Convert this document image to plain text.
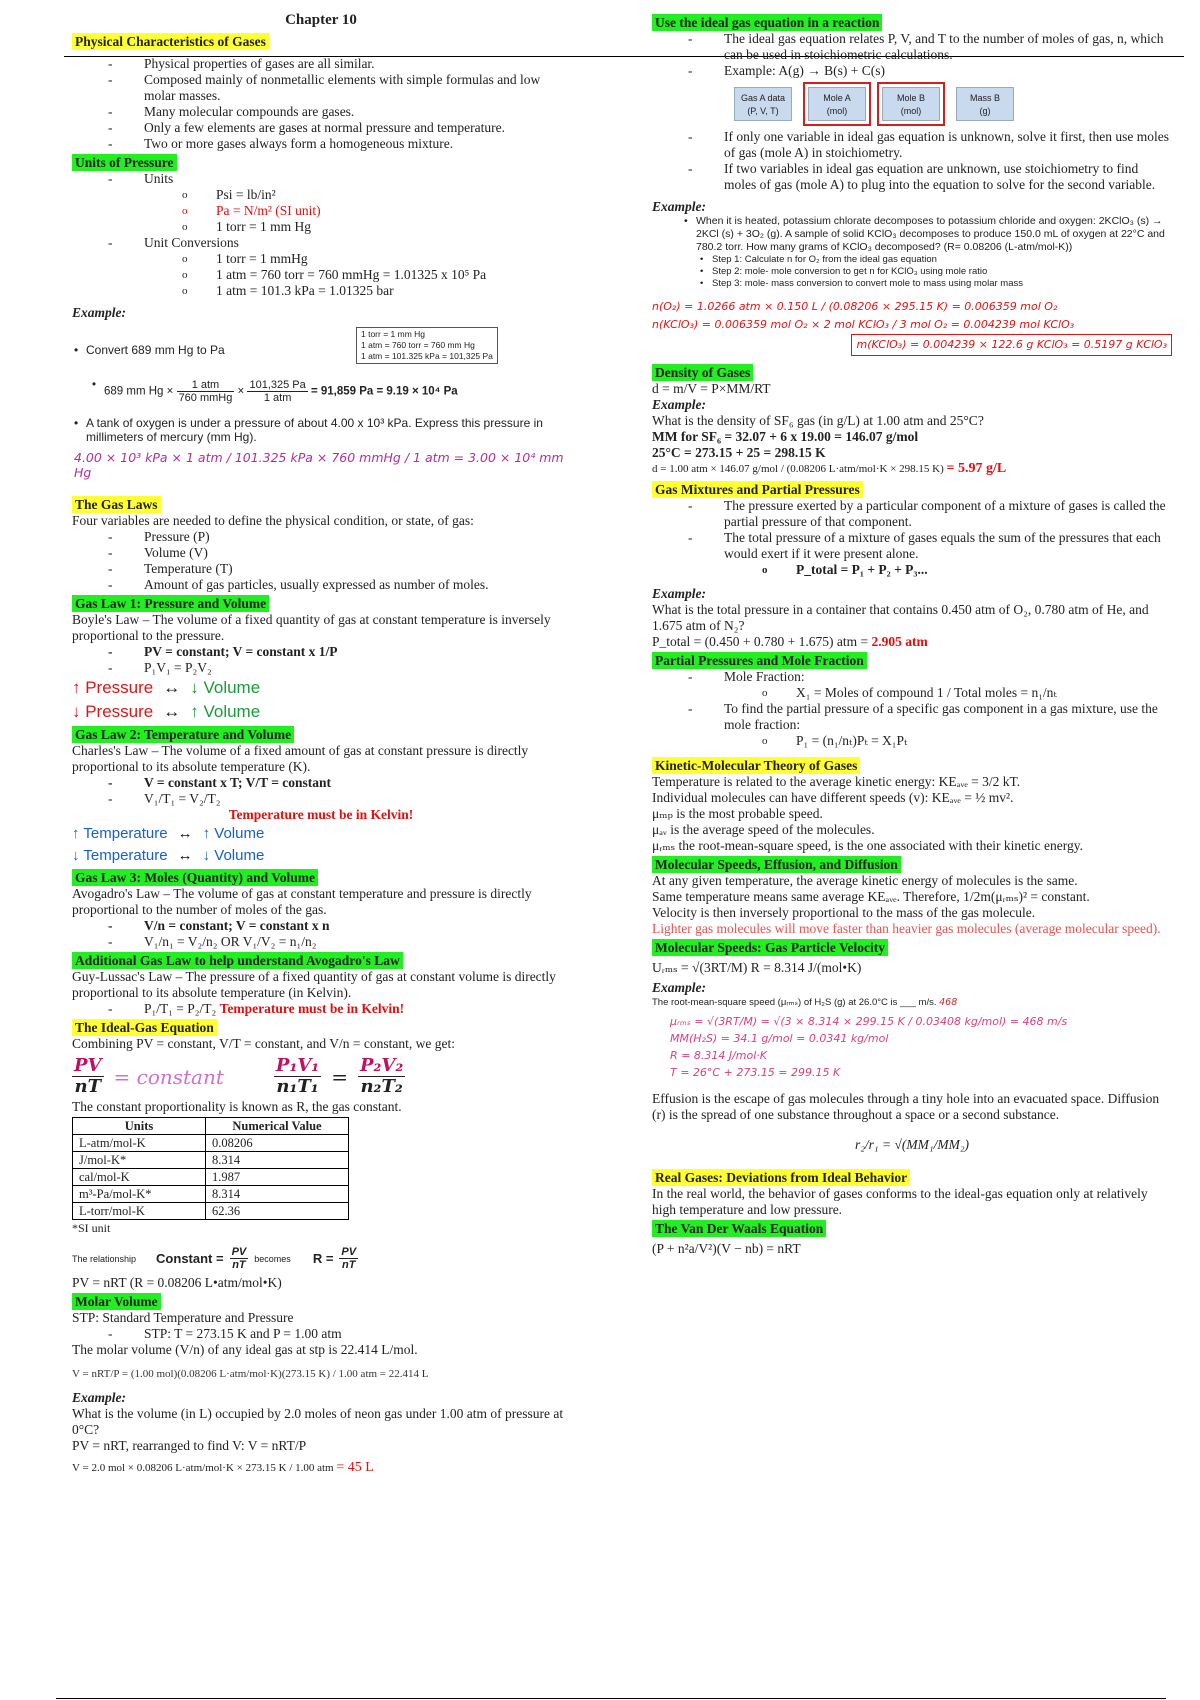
Chapter 10
Physical Characteristics of Gases
- Physical properties of gases are all similar.
- Composed mainly of nonmetallic elements with simple formulas and low molar masses.
- Many molecular compounds are gases.
- Only a few elements are gases at normal pressure and temperature.
- Two or more gases always form a homogeneous mixture.
Units of Pressure
- Units
o Psi = lb/in²
o Pa = N/m² (SI unit)
o 1 torr = 1 mm Hg
- Unit Conversions
o 1 torr = 1 mmHg
o 1 atm = 760 torr = 760 mmHg = 1.01325 x 10⁵ Pa
o 1 atm = 101.3 kPa = 1.01325 bar

Example:

• Convert 689 mm Hg to Pa
1 torr = 1 mm Hg
1 atm = 760 torr = 760 mm Hg
1 atm = 101.325 kPa = 101,325 Pa
• 689 mm $Hg \times \frac{\text{1 atm}}{\text{760 mmHg}} \times \frac{101,325 Pa}{\text{1 atm}} = 91,859$ Pa = 9.19 × 10⁴ Pa
• A tank of oxygen is under a pressure of about 4.00 x 10³ kPa. Express this pressure in millimeters of mercury (mm Hg).
4.00 × 10³ kPa × 1 atm / 101.325 kPa × 760 mmHg / 1 atm = 3.00 × 10⁴ mm Hg
The Gas Laws

Four variables are needed to define the physical condition, or state, of gas:

- Pressure (P)
- Volume (V)
- Temperature (T)
- Amount of gas particles, usually expressed as number of moles.
Gas Law 1: Pressure and Volume

Boyle's Law – The volume of a fixed quantity of gas at constant temperature is inversely proportional to the pressure.

- PV = constant; V = constant x 1/P
- P₁V₁ = P₂V₂
↑ Pressure ↔ ↓ Volume
↓ Pressure ↔ ↑ Volume
Gas Law 2: Temperature and Volume

Charles's Law – The volume of a fixed amount of gas at constant pressure is directly proportional to its absolute temperature (K).

- V = constant x T; V/T = constant
- V₁/T₁ = V₂/T₂

Temperature must be in Kelvin!

↑ Temperature ↔ ↑ Volume
↓ Temperature ↔ ↓ Volume
Gas Law 3: Moles (Quantity) and Volume

Avogadro's Law – The volume of gas at constant temperature and pressure is directly proportional to the number of moles of the gas.

- V/n = constant; V = constant x n
- V₁/n₁ = V₂/n₂ OR V₁/V₂ = n₁/n₂
Additional Gas Law to help understand Avogadro's Law

Guy-Lussac's Law – The pressure of a fixed quantity of gas at constant volume is directly proportional to its absolute temperature (in Kelvin).

- P₁/T₁ = P₂/T₂ Temperature must be in Kelvin!
The Ideal-Gas Equation

Combining PV = constant, V/T = constant, and V/n = constant, we get:

$\frac{PV}{nT}$ = constant	$\frac{\text{P₁V₁}}{\text{n₁T₁}} = \frac{\text{P₂V₂}}{\text{n₂T₂}}$

The constant proportionality is known as R, the gas constant.

Units	Numerical Value
L-atm/mol-K	0.08206
J/mol-K*	8.314
cal/mol-K	1.987
m³-Pa/mol-K*	8.314
L-torr/mol-K	62.36

*SI unit

The relationship Constant = $\frac{PV}{nT}$ becomes $R = \frac{PV}{nT}$

PV = nRT (R = 0.08206 L•atm/mol•K)

Molar Volume

STP: Standard Temperature and Pressure

- STP: T = 273.15 K and P = 1.00 atm

The molar volume (V/n) of any ideal gas at stp is 22.414 L/mol.

V = nRT/P = (1.00 mol)(0.08206 L·atm/mol·K)(273.15 K) / 1.00 atm = 22.414 L

Example:

What is the volume (in L) occupied by 2.0 moles of neon gas under 1.00 atm of pressure at 0°C?

PV = nRT, rearranged to find V: V = nRT/P

V = 2.0 mol × 0.08206 L·atm/mol·K × 273.15 K / 1.00 atm = 45 L

Use the ideal gas equation in a reaction
- The ideal gas equation relates P, V, and T to the number of moles of gas, n, which can be used in stoichiometric calculations.
- Example: A(g) → B(s) + C(s)
Gas A data
(P, V, T)
Mole A
(mol)
Mole B
(mol)
Mass B
(g)
- If only one variable in ideal gas equation is unknown, solve it first, then use moles of gas (mole A) in stoichiometry.
- If two variables in ideal gas equation are unknown, use stoichiometry to find moles of gas (mole A) to plug into the equation to solve for the second variable.

Example:

• When it is heated, potassium chlorate decomposes to potassium chloride and oxygen: 2KClO₃ (s) → 2KCl (s) + 3O₂ (g). A sample of solid KClO₃ decomposes to produce 150.0 mL of oxygen at 22°C and 780.2 torr. How many grams of KClO₃ decomposed? (R= 0.08206 (L-atm/mol-K))
• Step 1: Calculate n for O₂ from the ideal gas equation
• Step 2: mole- mole conversion to get n for KClO₃ using mole ratio
• Step 3: mole- mass conversion to convert mole to mass using molar mass
n(O₂) = 1.0266 atm × 0.150 L / (0.08206 × 295.15 K) = 0.006359 mol O₂
n(KClO₃) = 0.006359 mol O₂ × 2 mol KClO₃ / 3 mol O₂ = 0.004239 mol KClO₃
m(KClO₃) = 0.004239 × 122.6 g KClO₃ = 0.5197 g KClO₃
Density of Gases

d = m/V = P×MM/RT

Example:

What is the density of SF₆ gas (in g/L) at 1.00 atm and 25°C?

MM for SF₆ = 32.07 + 6 x 19.00 = 146.07 g/mol

25°C = 273.15 + 25 = 298.15 K

d = 1.00 atm × 146.07 g/mol / (0.08206 L·atm/mol·K × 298.15 K) = 5.97 g/L

Gas Mixtures and Partial Pressures
- The pressure exerted by a particular component of a mixture of gases is called the partial pressure of that component.
- The total pressure of a mixture of gases equals the sum of the pressures that each would exert if it were present alone.
o P_total = P₁ + P₂ + P₃...

Example:

What is the total pressure in a container that contains 0.450 atm of O₂, 0.780 atm of He, and 1.675 atm of N₂?

P_total = (0.450 + 0.780 + 1.675) atm = 2.905 atm

Partial Pressures and Mole Fraction
- Mole Fraction:
o X₁ = Moles of compound 1 / Total moles = n₁/nₜ
- To find the partial pressure of a specific gas component in a gas mixture, use the mole fraction:
o P₁ = (n₁/nₜ)Pₜ = X₁Pₜ
Kinetic-Molecular Theory of Gases

Temperature is related to the average kinetic energy: KEₐᵥₑ = 3/2 kT.

Individual molecules can have different speeds (v): KEₐᵥₑ = ½ mv².

μₘₚ is the most probable speed.

μₐᵥ is the average speed of the molecules.

μᵣₘₛ the root-mean-square speed, is the one associated with their kinetic energy.

Molecular Speeds, Effusion, and Diffusion

At any given temperature, the average kinetic energy of molecules is the same.

Same temperature means same average KEₐᵥₑ. Therefore, 1/2m(μᵣₘₛ)² = constant.

Velocity is then inversely proportional to the mass of the gas molecule.

Lighter gas molecules will move faster than heavier gas molecules (average molecular speed).

Molecular Speeds: Gas Particle Velocity

Uᵣₘₛ = √(3RT/M) R = 8.314 J/(mol•K)

Example:

The root-mean-square speed (μᵣₘₛ) of H₂S (g) at 26.0°C is ___ m/s. 468

μᵣₘₛ = √(3RT/M) = √(3 × 8.314 × 299.15 K / 0.03408 kg/mol) = 468 m/s
MM(H₂S) = 34.1 g/mol = 0.0341 kg/mol
R = 8.314 J/mol·K
T = 26°C + 273.15 = 299.15 K

Effusion is the escape of gas molecules through a tiny hole into an evacuated space. Diffusion (r) is the spread of one substance throughout a space or a second substance.

r₂/r₁ = √(MM₁/MM₂)

Real Gases: Deviations from Ideal Behavior

In the real world, the behavior of gases conforms to the ideal-gas equation only at relatively high temperature and low pressure.

The Van Der Waals Equation

(P + n²a/V²)(V − nb) = nRT
